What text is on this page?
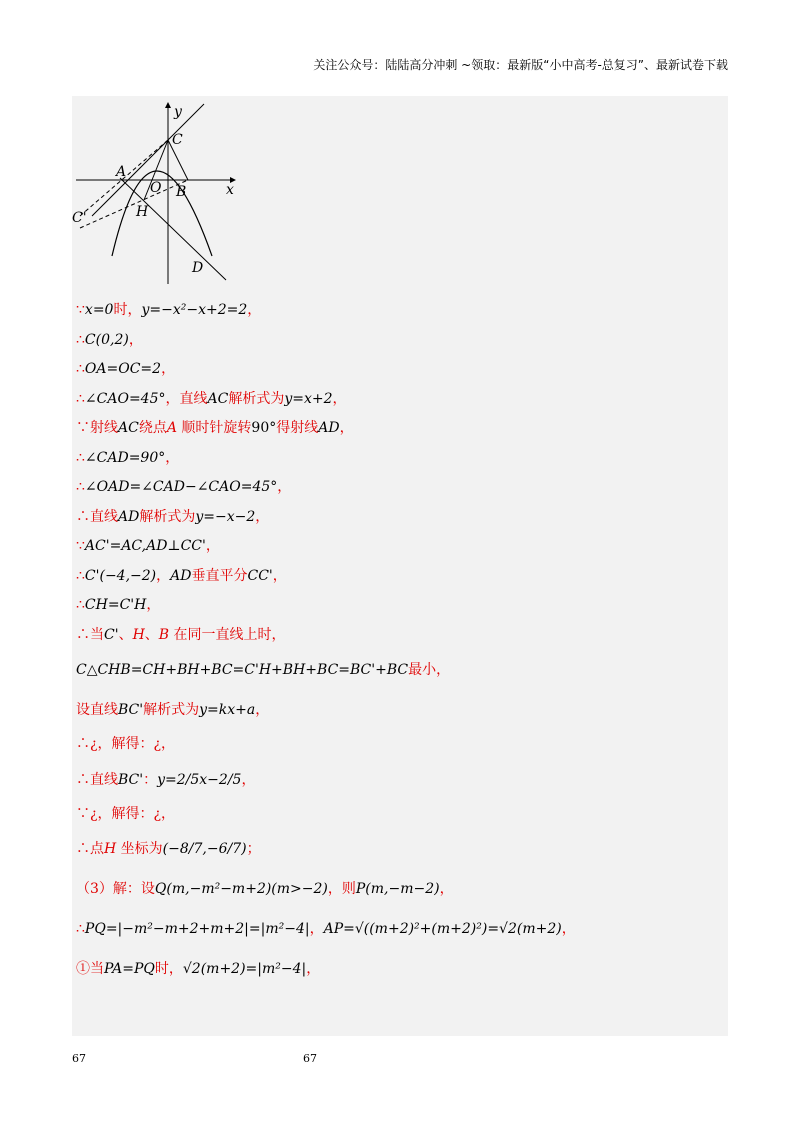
关注公众号：陆陆高分冲刺 ~领取：最新版“小中高考-总复习”、最新试卷下载
y
x
C
A
O B
C'	H
D
∵x=0时，y=−x²−x+2=2，
∴C(0,2)，
∴OA=OC=2，
∴∠CAO=45°，直线AC解析式为y=x+2，
∵射线AC绕点A 顺时针旋转90°得射线AD，
∴∠CAD=90°，
∴∠OAD=∠CAD−∠CAO=45°，
∴直线AD解析式为y=−x−2，
∵AC'=AC,AD⊥CC'，
∴C'(−4,−2)，AD垂直平分CC'，
∴CH=C'H，
∴当C'、H、B 在同一直线上时，
C△CHB=CH+BH+BC=C'H+BH+BC=BC'+BC最小，
设直线BC'解析式为y=kx+a，
∴¿，解得：¿，
∴直线BC'：y=2/5x−2/5，
∵¿，解得：¿，
∴点H 坐标为(−8/7,−6/7)；
（3）解：设Q(m,−m²−m+2)(m>−2)，则P(m,−m−2)，
∴PQ=|−m²−m+2+m+2|=|m²−4|，AP=√((m+2)²+(m+2)²)=√2(m+2)，
①当PA=PQ时，√2(m+2)=|m²−4|，
67	67
